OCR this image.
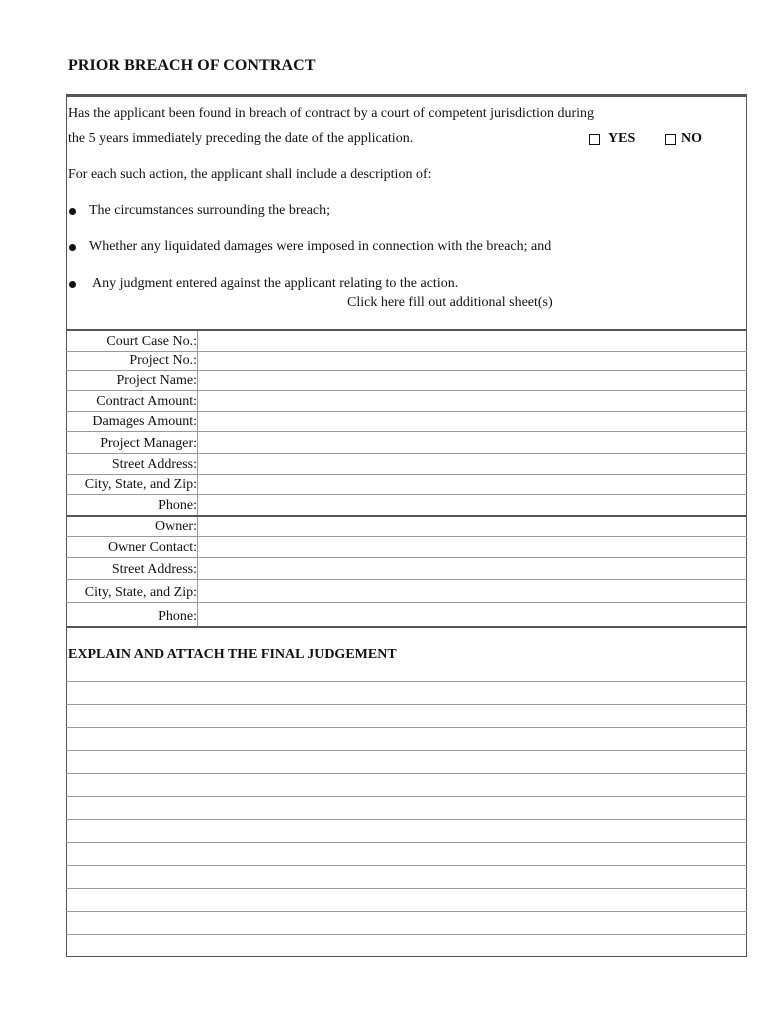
PRIOR BREACH OF CONTRACT
Has the applicant been found in breach of contract by a court of competent jurisdiction during
the 5 years immediately preceding the date of the application.	YES	NO
For each such action, the applicant shall include a description of:
The circumstances surrounding the breach;
Whether any liquidated damages were imposed in connection with the breach; and
Any judgment entered against the applicant relating to the action.
Click here fill out additional sheet(s)
Court Case No.:
Project No.:
Project Name:
Contract Amount:
Damages Amount:
Project Manager:
Street Address:
City, State, and Zip:
Phone:
Owner:
Owner Contact:
Street Address:
City, State, and Zip:
Phone:
EXPLAIN AND ATTACH THE FINAL JUDGEMENT
